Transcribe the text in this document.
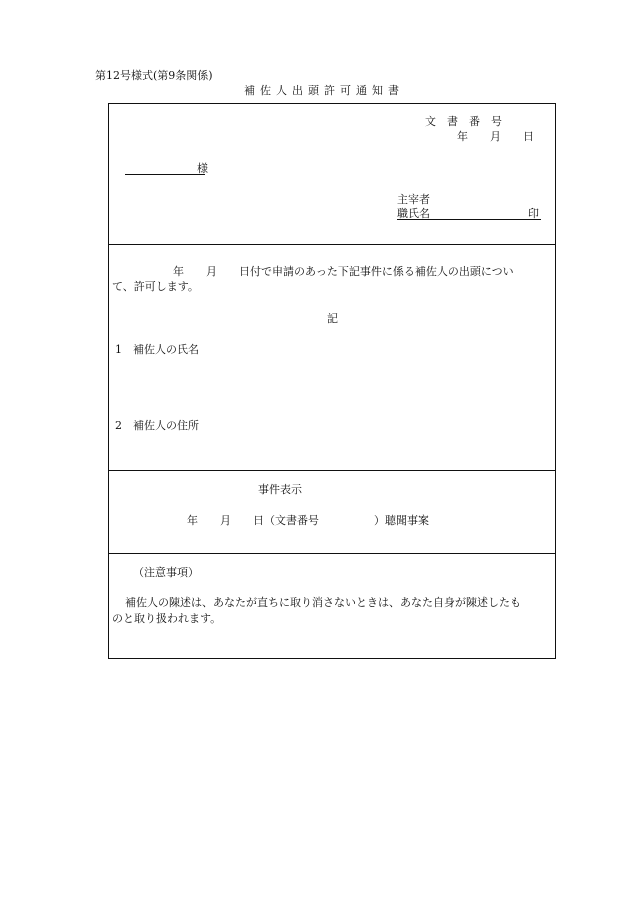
第12号様式(第9条関係)
補佐人出頭許可通知書
文　書　番　号
年　　月　　日
様
主宰者
職氏名	印
年　　月　　日付で申請のあった下記事件に係る補佐人の出頭につい
て、許可します。
記
1　補佐人の氏名
2　補佐人の住所
事件表示
年　　月　　日（文書番号　　　　　）聴聞事案
（注意事項）
補佐人の陳述は、あなたが直ちに取り消さないときは、あなた自身が陳述したも
のと取り扱われます。
